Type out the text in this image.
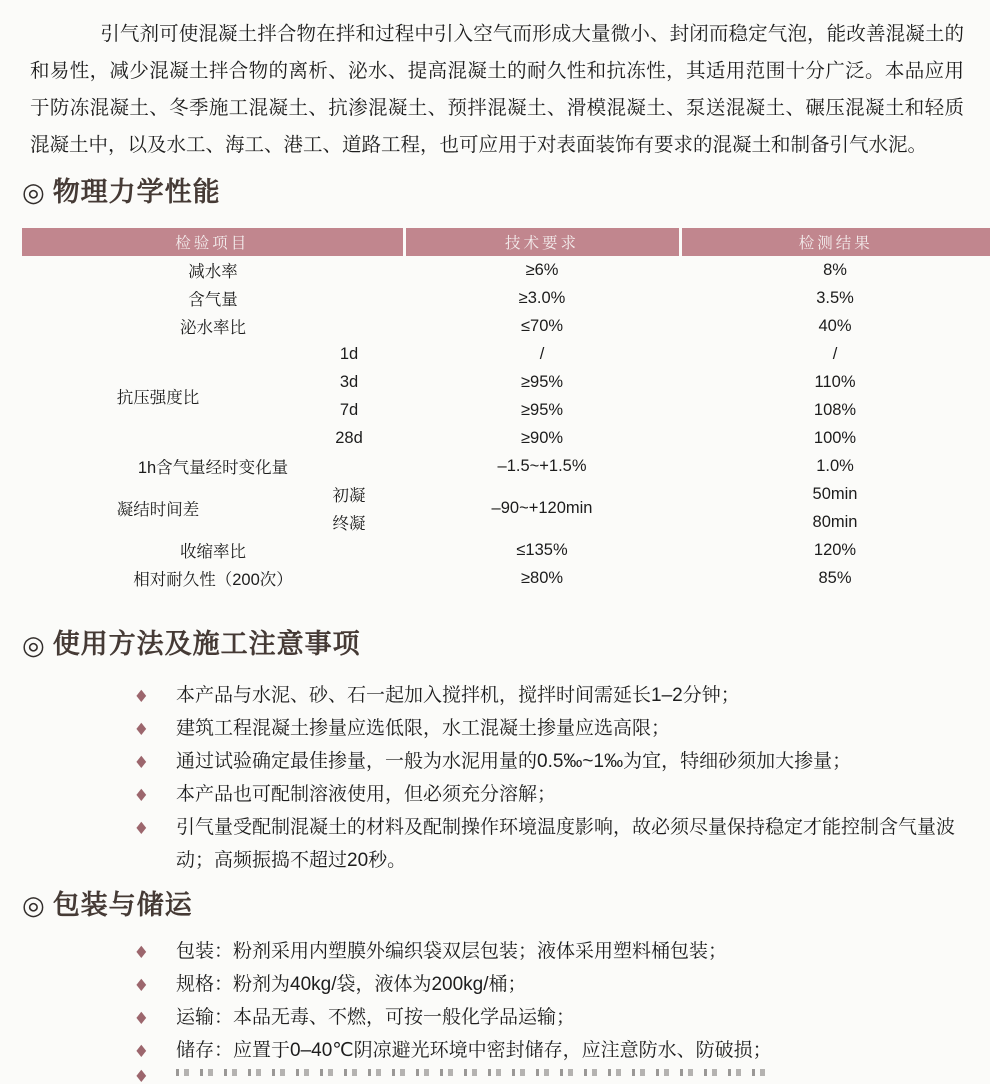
引气剂可使混凝土拌合物在拌和过程中引入空气而形成大量微小、封闭而稳定气泡，能改善混凝土的和易性，减少混凝土拌合物的离析、泌水、提高混凝土的耐久性和抗冻性，其适用范围十分广泛。本品应用于防冻混凝土、冬季施工混凝土、抗渗混凝土、预拌混凝土、滑模混凝土、泵送混凝土、碾压混凝土和轻质混凝土中，以及水工、海工、港工、道路工程，也可应用于对表面装饰有要求的混凝土和制备引气水泥。

◎ 物理力学性能
检验项目		技术要求	检测结果
减水率		≥6%	8%
含气量		≥3.0%	3.5%
泌水率比		≤70%	40%
抗压强度比	1d	/	/
	3d	≥95%	110%
	7d	≥95%	108%
	28d	≥90%	100%
1h含气量经时变化量		–1.5~+1.5%	1.0%
凝结时间差	初凝	–90~+120min	50min
	终凝		80min
收缩率比		≤135%	120%
相对耐久性（200次）		≥80%	85%
◎ 使用方法及施工注意事项
◆	本产品与水泥、砂、石一起加入搅拌机，搅拌时间需延长1–2分钟；
◆	建筑工程混凝土掺量应选低限，水工混凝土掺量应选高限；
◆	通过试验确定最佳掺量，一般为水泥用量的0.5‰~1‰为宜，特细砂须加大掺量；
◆	本产品也可配制溶液使用，但必须充分溶解；
◆	引气量受配制混凝土的材料及配制操作环境温度影响，故必须尽量保持稳定才能控制含气量波动；高频振捣不超过20秒。
◎ 包装与储运
◆	包装：粉剂采用内塑膜外编织袋双层包装；液体采用塑料桶包装；
◆	规格：粉剂为40kg/袋，液体为200kg/桶；
◆	运输：本品无毒、不燃，可按一般化学品运输；
◆	储存：应置于0–40℃阴凉避光环境中密封储存，应注意防水、防破损；
◆
